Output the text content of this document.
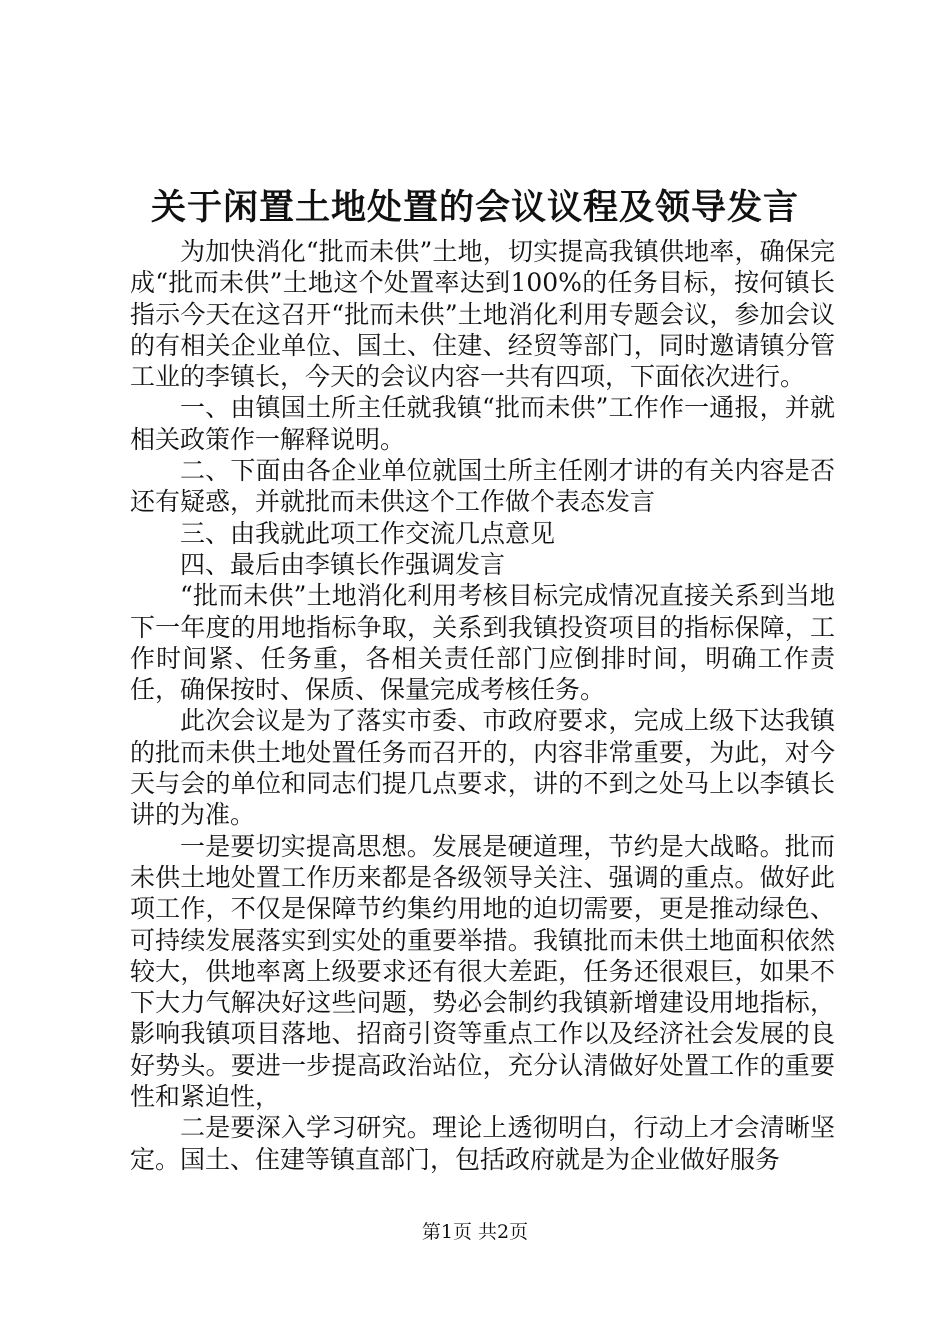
关于闲置土地处置的会议议程及领导发言

为加快消化“批而未供”土地，切实提高我镇供地率，确保完成“批而未供”土地这个处置率达到100%的任务目标，按何镇长指示今天在这召开“批而未供”土地消化利用专题会议，参加会议的有相关企业单位、国土、住建、经贸等部门，同时邀请镇分管工业的李镇长，今天的会议内容一共有四项，下面依次进行。

一、由镇国土所主任就我镇“批而未供”工作作一通报，并就相关政策作一解释说明。

二、下面由各企业单位就国土所主任刚才讲的有关内容是否还有疑惑，并就批而未供这个工作做个表态发言

三、由我就此项工作交流几点意见

四、最后由李镇长作强调发言

“批而未供”土地消化利用考核目标完成情况直接关系到当地下一年度的用地指标争取，关系到我镇投资项目的指标保障，工作时间紧、任务重，各相关责任部门应倒排时间，明确工作责任，确保按时、保质、保量完成考核任务。

此次会议是为了落实市委、市政府要求，完成上级下达我镇的批而未供土地处置任务而召开的，内容非常重要，为此，对今天与会的单位和同志们提几点要求，讲的不到之处马上以李镇长讲的为准。

一是要切实提高思想。发展是硬道理，节约是大战略。批而未供土地处置工作历来都是各级领导关注、强调的重点。做好此项工作，不仅是保障节约集约用地的迫切需要，更是推动绿色、可持续发展落实到实处的重要举措。我镇批而未供土地面积依然较大，供地率离上级要求还有很大差距，任务还很艰巨，如果不下大力气解决好这些问题，势必会制约我镇新增建设用地指标，影响我镇项目落地、招商引资等重点工作以及经济社会发展的良好势头。要进一步提高政治站位，充分认清做好处置工作的重要性和紧迫性，

二是要深入学习研究。理论上透彻明白，行动上才会清晰坚定。国土、住建等镇直部门，包括政府就是为企业做好服务

第1页 共2页
